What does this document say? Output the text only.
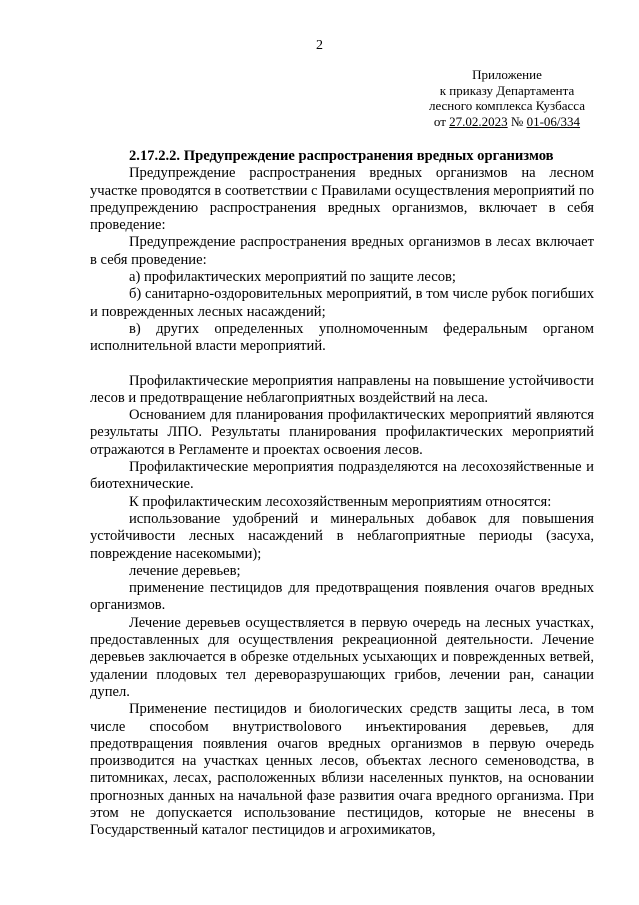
2
Приложение
к приказу Департамента
лесного комплекса Кузбасса
от 27.02.2023 № 01-06/334

2.17.2.2. Предупреждение распространения вредных организмов

Предупреждение распространения вредных организмов на лесном участке проводятся в соответствии с Правилами осуществления мероприятий по предупреждению распространения вредных организмов, включает в себя проведение:

Предупреждение распространения вредных организмов в лесах включает в себя проведение:

а) профилактических мероприятий по защите лесов;

б) санитарно-оздоровительных мероприятий, в том числе рубок погибших и поврежденных лесных насаждений;

в) других определенных уполномоченным федеральным органом исполнительной власти мероприятий.

Профилактические мероприятия направлены на повышение устойчивости лесов и предотвращение неблагоприятных воздействий на леса.

Основанием для планирования профилактических мероприятий являются результаты ЛПО. Результаты планирования профилактических мероприятий отражаются в Регламенте и проектах освоения лесов.

Профилактические мероприятия подразделяются на лесохозяйственные и биотехнические.

К профилактическим лесохозяйственным мероприятиям относятся:

использование удобрений и минеральных добавок для повышения устойчивости лесных насаждений в неблагоприятные периоды (засуха, повреждение насекомыми);

лечение деревьев;

применение пестицидов для предотвращения появления очагов вредных организмов.

Лечение деревьев осуществляется в первую очередь на лесных участках, предоставленных для осуществления рекреационной деятельности. Лечение деревьев заключается в обрезке отдельных усыхающих и поврежденных ветвей, удалении плодовых тел дереворазрушающих грибов, лечении ран, санации дупел.

Применение пестицидов и биологических средств защиты леса, в том числе способом внутриствolового инъектирования деревьев, для предотвращения появления очагов вредных организмов в первую очередь производится на участках ценных лесов, объектах лесного семеноводства, в питомниках, лесах, расположенных вблизи населенных пунктов, на основании прогнозных данных на начальной фазе развития очага вредного организма. При этом не допускается использование пестицидов, которые не внесены в Государственный каталог пестицидов и агрохимикатов,
